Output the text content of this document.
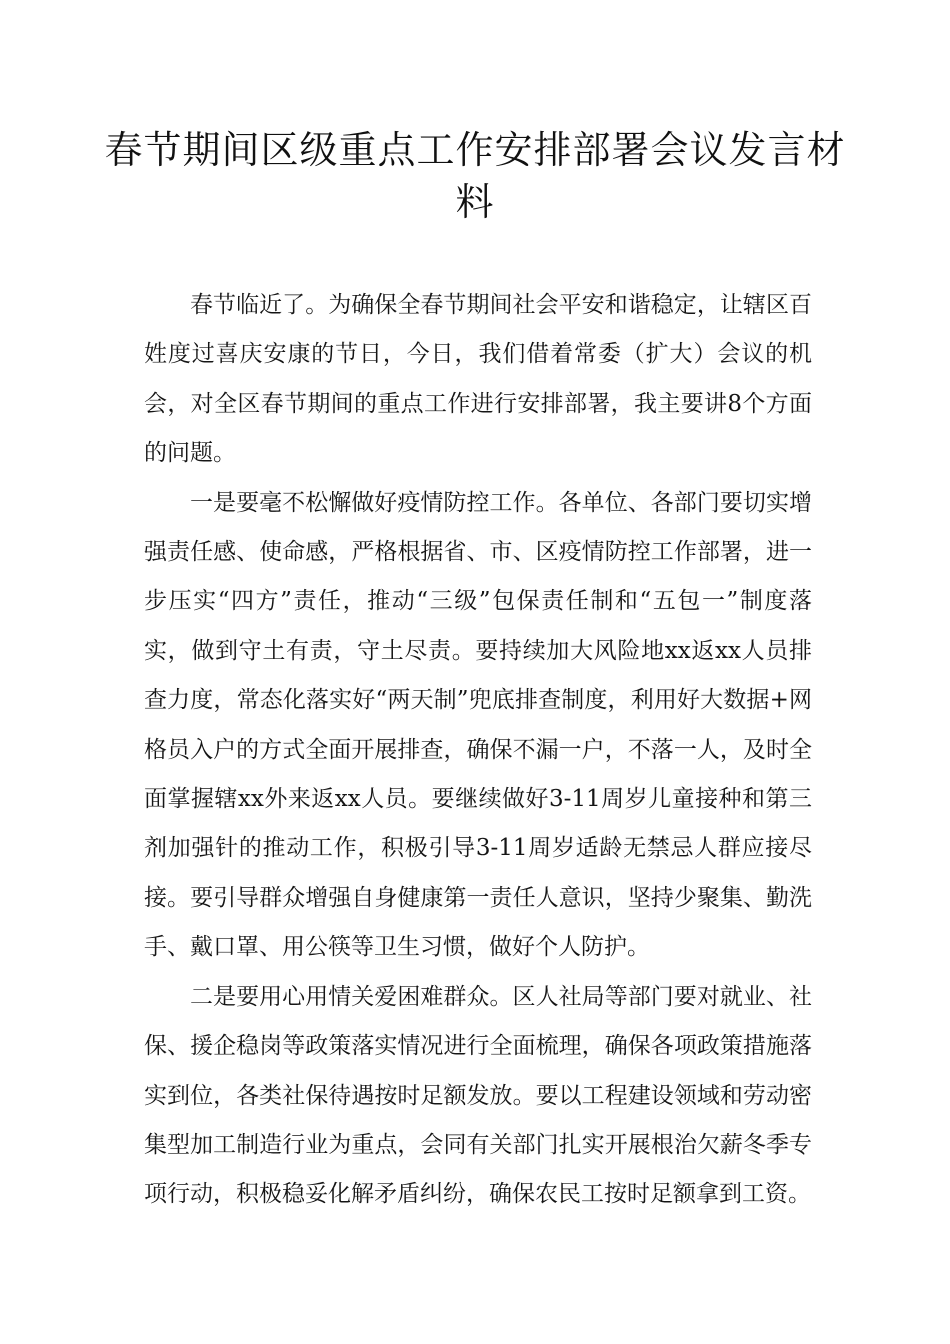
春节期间区级重点工作安排部署会议发言材料

春节临近了。为确保全春节期间社会平安和谐稳定，让辖区百姓度过喜庆安康的节日，今日，我们借着常委（扩大）会议的机会，对全区春节期间的重点工作进行安排部署，我主要讲8个方面的问题。

一是要毫不松懈做好疫情防控工作。各单位、各部门要切实增强责任感、使命感，严格根据省、市、区疫情防控工作部署，进一步压实“四方”责任，推动“三级”包保责任制和“五包一”制度落实，做到守土有责，守土尽责。要持续加大风险地xx返xx人员排查力度，常态化落实好“两天制”兜底排查制度，利用好大数据+网格员入户的方式全面开展排查，确保不漏一户，不落一人，及时全面掌握辖xx外来返xx人员。要继续做好3-11周岁儿童接种和第三剂加强针的推动工作，积极引导3-11周岁适龄无禁忌人群应接尽接。要引导群众增强自身健康第一责任人意识，坚持少聚集、勤洗手、戴口罩、用公筷等卫生习惯，做好个人防护。

二是要用心用情关爱困难群众。区人社局等部门要对就业、社保、援企稳岗等政策落实情况进行全面梳理，确保各项政策措施落实到位，各类社保待遇按时足额发放。要以工程建设领域和劳动密集型加工制造行业为重点，会同有关部门扎实开展根治欠薪冬季专项行动，积极稳妥化解矛盾纠纷，确保农民工按时足额拿到工资。
